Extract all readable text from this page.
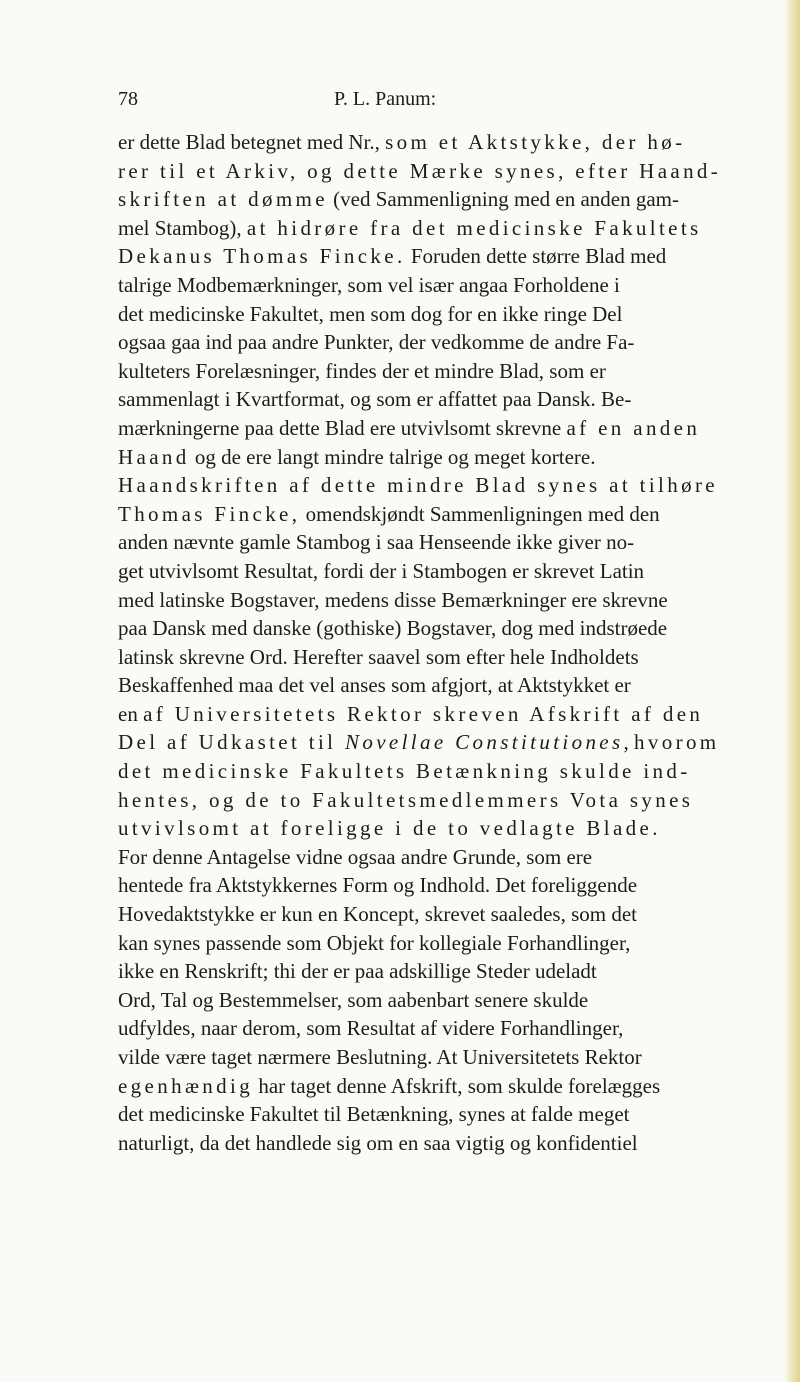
78	P. L. Panum:

er dette Blad betegnet med Nr., som et Aktstykke, der hø-
rer til et Arkiv, og dette Mærke synes, efter Haand-
skriften at dømme (ved Sammenligning med en anden gam-
mel Stambog), at hidrøre fra det medicinske Fakultets
Dekanus Thomas Fincke. Foruden dette større Blad med
talrige Modbemærkninger, som vel især angaa Forholdene i
det medicinske Fakultet, men som dog for en ikke ringe Del
ogsaa gaa ind paa andre Punkter, der vedkomme de andre Fa-
kulteters Forelæsninger, findes der et mindre Blad, som er
sammenlagt i Kvartformat, og som er affattet paa Dansk. Be-
mærkningerne paa dette Blad ere utvivlsomt skrevne af en anden
Haand og de ere langt mindre talrige og meget kortere.
Haandskriften af dette mindre Blad synes at tilhøre
Thomas Fincke, omendskjøndt Sammenligningen med den
anden nævnte gamle Stambog i saa Henseende ikke giver no-
get utvivlsomt Resultat, fordi der i Stambogen er skrevet Latin
med latinske Bogstaver, medens disse Bemærkninger ere skrevne
paa Dansk med danske (gothiske) Bogstaver, dog med indstrøede
latinsk skrevne Ord. Herefter saavel som efter hele Indholdets
Beskaffenhed maa det vel anses som afgjort, at Aktstykket er
en af Universitetets Rektor skreven Afskrift af den
Del af Udkastet til Novellae Constitutiones, hvorom
det medicinske Fakultets Betænkning skulde ind-
hentes, og de to Fakultetsmedlemmers Vota synes
utvivlsomt at foreligge i de to vedlagte Blade.

For denne Antagelse vidne ogsaa andre Grunde, som ere
hentede fra Aktstykkernes Form og Indhold. Det foreliggende
Hovedaktstykke er kun en Koncept, skrevet saaledes, som det
kan synes passende som Objekt for kollegiale Forhandlinger,
ikke en Renskrift; thi der er paa adskillige Steder udeladt
Ord, Tal og Bestemmelser, som aabenbart senere skulde
udfyldes, naar derom, som Resultat af videre Forhandlinger,
vilde være taget nærmere Beslutning. At Universitetets Rektor
egenhændig har taget denne Afskrift, som skulde forelægges
det medicinske Fakultet til Betænkning, synes at falde meget
naturligt, da det handlede sig om en saa vigtig og konfidentiel
